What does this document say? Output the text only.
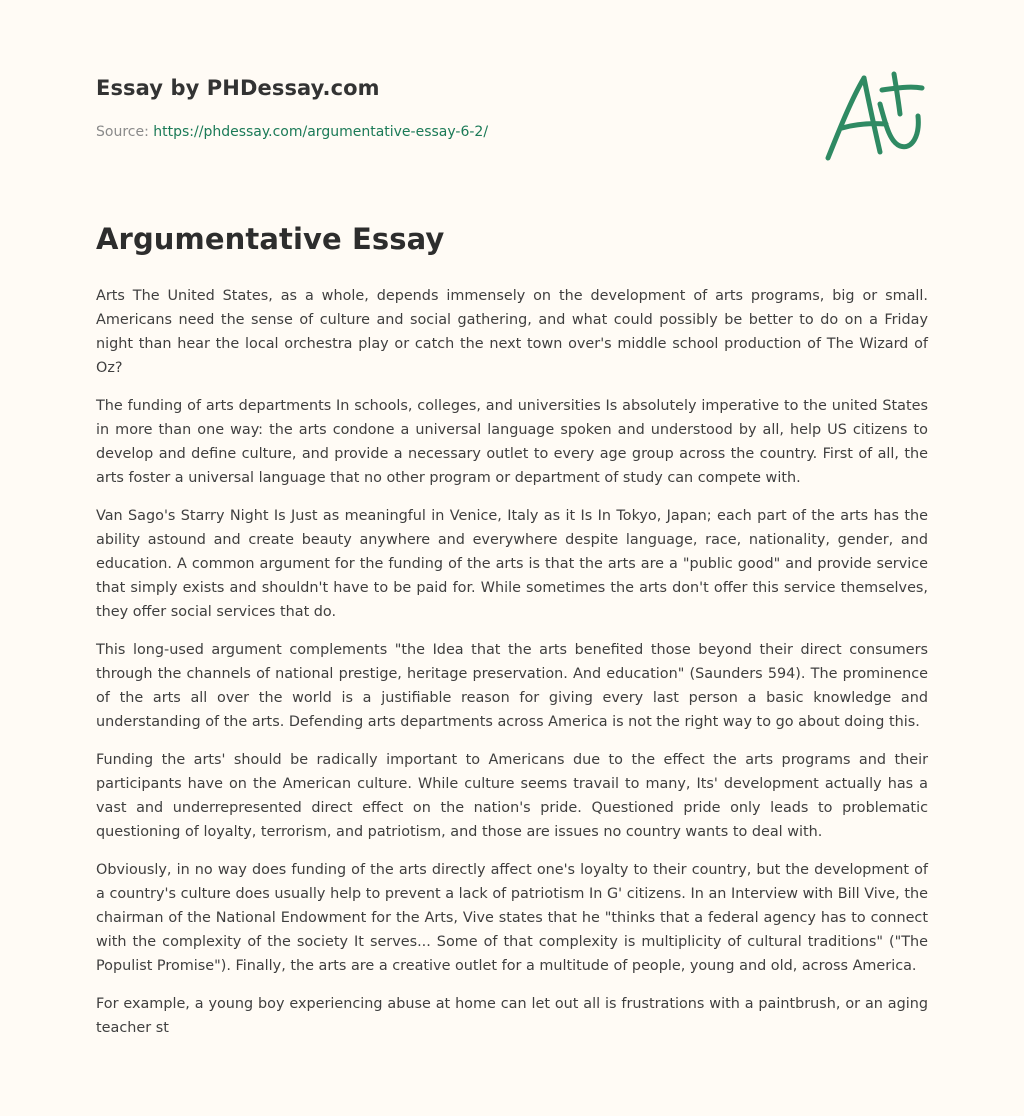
Essay by PHDessay.com
Source: https://phdessay.com/argumentative-essay-6-2/
Argumentative Essay

Arts The United States, as a whole, depends immensely on the development of arts programs, big or small. Americans need the sense of culture and social gathering, and what could possibly be better to do on a Friday night than hear the local orchestra play or catch the next town over's middle school production of The Wizard of Oz?

The funding of arts departments In schools, colleges, and universities Is absolutely imperative to the united States in more than one way: the arts condone a universal language spoken and understood by all, help US citizens to develop and define culture, and provide a necessary outlet to every age group across the country. First of all, the arts foster a universal language that no other program or department of study can compete with.

Van Sago's Starry Night Is Just as meaningful in Venice, Italy as it Is In Tokyo, Japan; each part of the arts has the ability astound and create beauty anywhere and everywhere despite language, race, nationality, gender, and education. A common argument for the funding of the arts is that the arts are a "public good" and provide service that simply exists and shouldn't have to be paid for. While sometimes the arts don't offer this service themselves, they offer social services that do.

This long-used argument complements "the Idea that the arts benefited those beyond their direct consumers through the channels of national prestige, heritage preservation. And education" (Saunders 594). The prominence of the arts all over the world is a justifiable reason for giving every last person a basic knowledge and understanding of the arts. Defending arts departments across America is not the right way to go about doing this.

Funding the arts' should be radically important to Americans due to the effect the arts programs and their participants have on the American culture. While culture seems travail to many, Its' development actually has a vast and underrepresented direct effect on the nation's pride. Questioned pride only leads to problematic questioning of loyalty, terrorism, and patriotism, and those are issues no country wants to deal with.

Obviously, in no way does funding of the arts directly affect one's loyalty to their country, but the development of a country's culture does usually help to prevent a lack of patriotism In G' citizens. In an Interview with Bill Vive, the chairman of the National Endowment for the Arts, Vive states that he "thinks that a federal agency has to connect with the complexity of the society It serves... Some of that complexity is multiplicity of cultural traditions" ("The Populist Promise"). Finally, the arts are a creative outlet for a multitude of people, young and old, across America.

For example, a young boy experiencing abuse at home can let out all is frustrations with a paintbrush, or an aging teacher st
